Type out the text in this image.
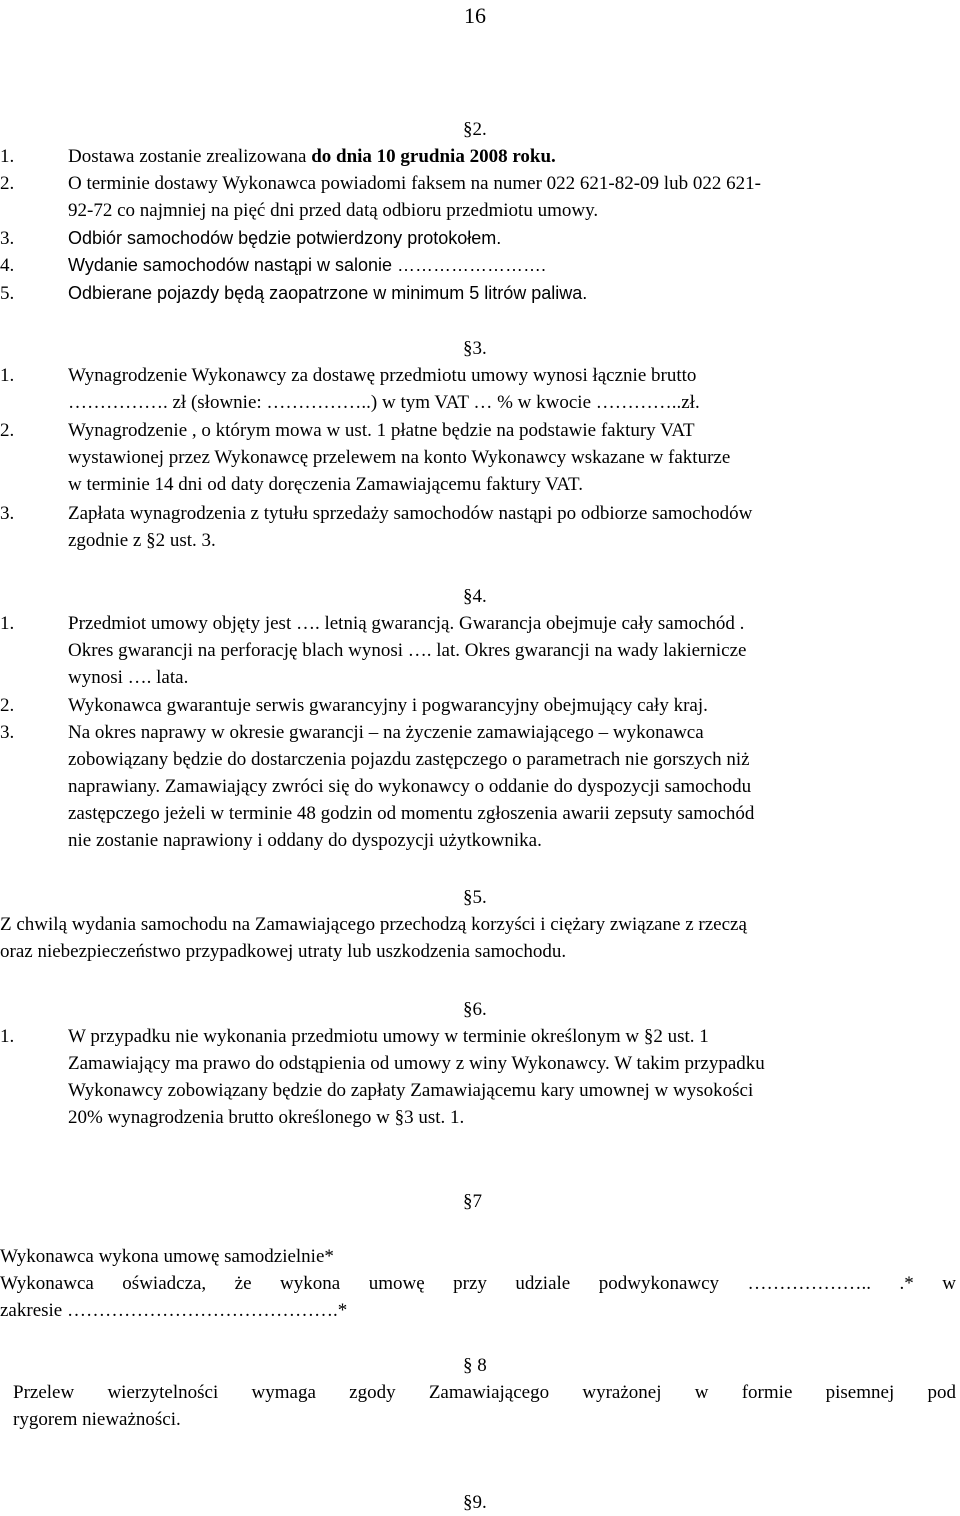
16
§2.
1.	Dostawa zostanie zrealizowana do dnia 10 grudnia 2008 roku.
2.	O terminie dostawy Wykonawca powiadomi faksem na numer 022 621-82-09 lub 022 621-
92-72 co najmniej na pięć dni przed datą odbioru przedmiotu umowy.
3.	Odbiór samochodów będzie potwierdzony protokołem.
4.	Wydanie samochodów nastąpi w salonie …………………….
5.	Odbierane pojazdy będą zaopatrzone w minimum 5 litrów paliwa.
§3.
1.	Wynagrodzenie Wykonawcy za dostawę przedmiotu umowy wynosi łącznie brutto
……………. zł (słownie: ……………..) w tym VAT … % w kwocie …………..zł.
2.	Wynagrodzenie , o którym mowa w ust. 1 płatne będzie na podstawie faktury VAT
wystawionej przez Wykonawcę przelewem na konto Wykonawcy wskazane w fakturze
w terminie 14 dni od daty doręczenia Zamawiającemu faktury VAT.
3.	Zapłata wynagrodzenia z tytułu sprzedaży samochodów nastąpi po odbiorze samochodów
zgodnie z §2 ust. 3.
§4.
1.	Przedmiot umowy objęty jest …. letnią gwarancją. Gwarancja obejmuje cały samochód .
Okres gwarancji na perforację blach wynosi …. lat. Okres gwarancji na wady lakiernicze
wynosi …. lata.
2.	Wykonawca gwarantuje serwis gwarancyjny i pogwarancyjny obejmujący cały kraj.
3.	Na okres naprawy w okresie gwarancji – na życzenie zamawiającego – wykonawca
zobowiązany będzie do dostarczenia pojazdu zastępczego o parametrach nie gorszych niż
naprawiany. Zamawiający zwróci się do wykonawcy o oddanie do dyspozycji samochodu
zastępczego jeżeli w terminie 48 godzin od momentu zgłoszenia awarii zepsuty samochód
nie zostanie naprawiony i oddany do dyspozycji użytkownika.
§5.
Z chwilą wydania samochodu na Zamawiającego przechodzą korzyści i ciężary związane z rzeczą
oraz niebezpieczeństwo przypadkowej utraty lub uszkodzenia samochodu.
§6.
1.	W przypadku nie wykonania przedmiotu umowy w terminie określonym w §2 ust. 1
Zamawiający ma prawo do odstąpienia od umowy z winy Wykonawcy. W takim przypadku
Wykonawcy zobowiązany będzie do zapłaty Zamawiającemu kary umownej w wysokości
20% wynagrodzenia brutto określonego w §3 ust. 1.
§7
Wykonawca wykona umowę samodzielnie*
Wykonawca oświadcza, że wykona umowę przy udziale podwykonawcy ……………….. .* w
zakresie …………………………………….*
§ 8
Przelew wierzytelności wymaga zgody Zamawiającego wyrażonej w formie pisemnej pod
rygorem nieważności.
§9.
